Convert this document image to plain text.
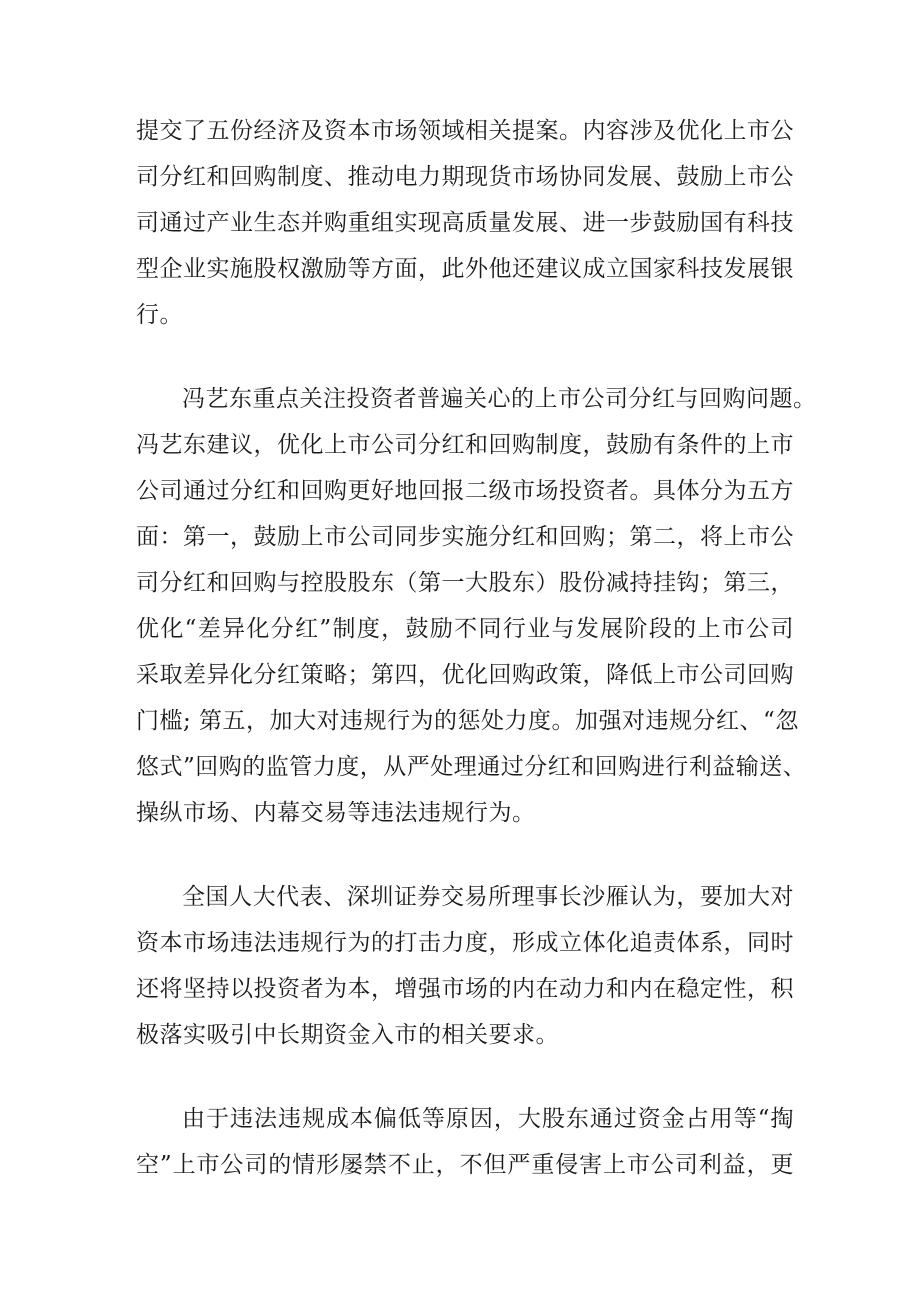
提交了五份经济及资本市场领域相关提案。内容涉及优化上市公
司分红和回购制度、推动电力期现货市场协同发展、鼓励上市公
司通过产业生态并购重组实现高质量发展、进一步鼓励国有科技
型企业实施股权激励等方面，此外他还建议成立国家科技发展银
行。
冯艺东重点关注投资者普遍关心的上市公司分红与回购问题。
冯艺东建议，优化上市公司分红和回购制度，鼓励有条件的上市
公司通过分红和回购更好地回报二级市场投资者。具体分为五方
面：第一，鼓励上市公司同步实施分红和回购；第二，将上市公
司分红和回购与控股股东（第一大股东）股份减持挂钩；第三，
优化“差异化分红”制度，鼓励不同行业与发展阶段的上市公司
采取差异化分红策略；第四，优化回购政策，降低上市公司回购
门槛; 第五，加大对违规行为的惩处力度。加强对违规分红、“忽
悠式”回购的监管力度，从严处理通过分红和回购进行利益输送、
操纵市场、内幕交易等违法违规行为。
全国人大代表、深圳证券交易所理事长沙雁认为，要加大对
资本市场违法违规行为的打击力度，形成立体化追责体系，同时
还将坚持以投资者为本，增强市场的内在动力和内在稳定性，积
极落实吸引中长期资金入市的相关要求。
由于违法违规成本偏低等原因，大股东通过资金占用等“掏
空”上市公司的情形屡禁不止，不但严重侵害上市公司利益，更
